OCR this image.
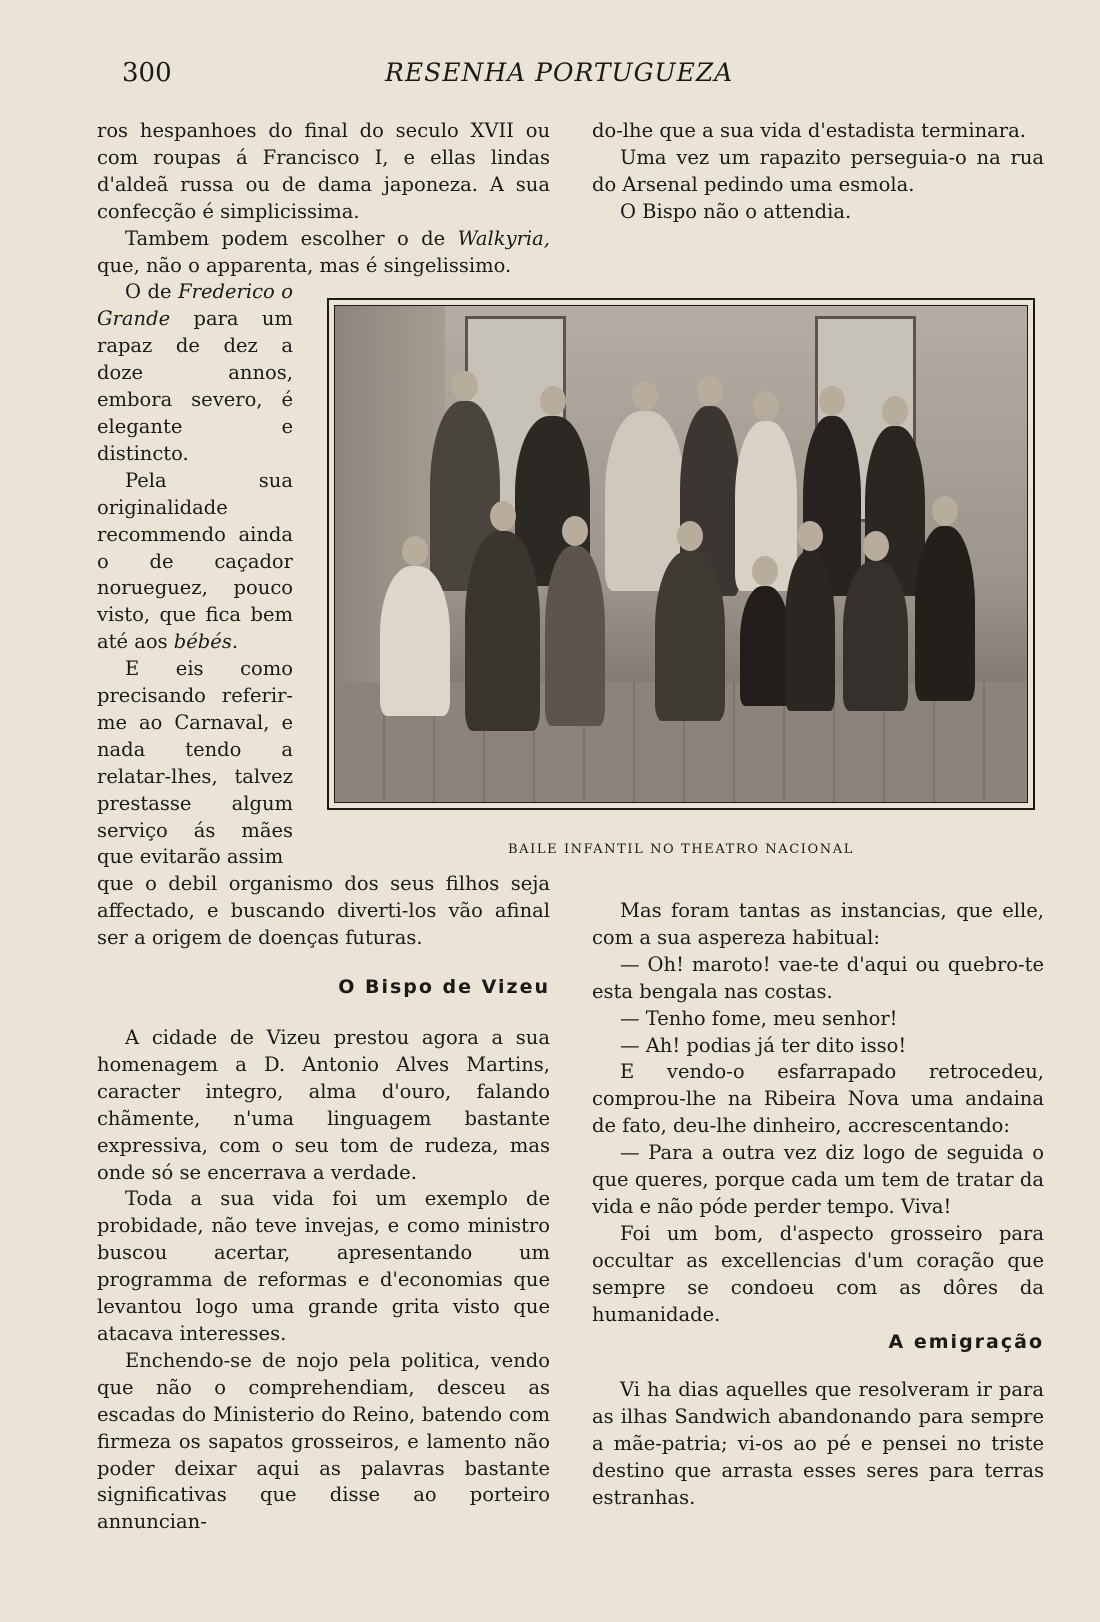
300	RESENHA PORTUGUEZA

ros hespanhoes do final do seculo XVII ou com roupas á Francisco I, e ellas lindas d'aldeã russa ou de dama japoneza. A sua confecção é simplicissima.

Tambem podem escolher o de Walkyria, que, não o apparenta, mas é singelissimo.

O de Frederico o Grande para um rapaz de dez a doze annos, embora severo, é elegante e distincto.

Pela sua originalidade recommendo ainda o de caçador norueguez, pouco visto, que fica bem até aos bébés.

E eis como precisando referir-me ao Carnaval, e nada tendo a relatar-lhes, talvez prestasse algum serviço ás mães que evitarão assim

que o debil organismo dos seus filhos seja affectado, e buscando diverti-los vão afinal ser a origem de doenças futuras.

O Bispo de Vizeu

A cidade de Vizeu prestou agora a sua homenagem a D. Antonio Alves Martins, caracter integro, alma d'ouro, falando chãmente, n'uma linguagem bastante expressiva, com o seu tom de rudeza, mas onde só se encerrava a verdade.

Toda a sua vida foi um exemplo de probidade, não teve invejas, e como ministro buscou acertar, apresentando um programma de reformas e d'economias que levantou logo uma grande grita visto que atacava interesses.

Enchendo-se de nojo pela politica, vendo que não o comprehendiam, desceu as escadas do Ministerio do Reino, batendo com firmeza os sapatos grosseiros, e lamento não poder deixar aqui as palavras bastante significativas que disse ao porteiro annuncian-

do-lhe que a sua vida d'estadista terminara.

Uma vez um rapazito perseguia-o na rua do Arsenal pedindo uma esmola.

O Bispo não o attendia.

BAILE INFANTIL NO THEATRO NACIONAL

Mas foram tantas as instancias, que elle, com a sua aspereza habitual:

— Oh! maroto! vae-te d'aqui ou quebro-te esta bengala nas costas.

— Tenho fome, meu senhor!

— Ah! podias já ter dito isso!

E vendo-o esfarrapado retrocedeu, comprou-lhe na Ribeira Nova uma andaina de fato, deu-lhe dinheiro, accrescentando:

— Para a outra vez diz logo de seguida o que queres, porque cada um tem de tratar da vida e não póde perder tempo. Viva!

Foi um bom, d'aspecto grosseiro para occultar as excellencias d'um coração que sempre se condoeu com as dôres da humanidade.

A emigração

Vi ha dias aquelles que resolveram ir para as ilhas Sandwich abandonando para sempre a mãe-patria; vi-os ao pé e pensei no triste destino que arrasta esses seres para terras estranhas.
